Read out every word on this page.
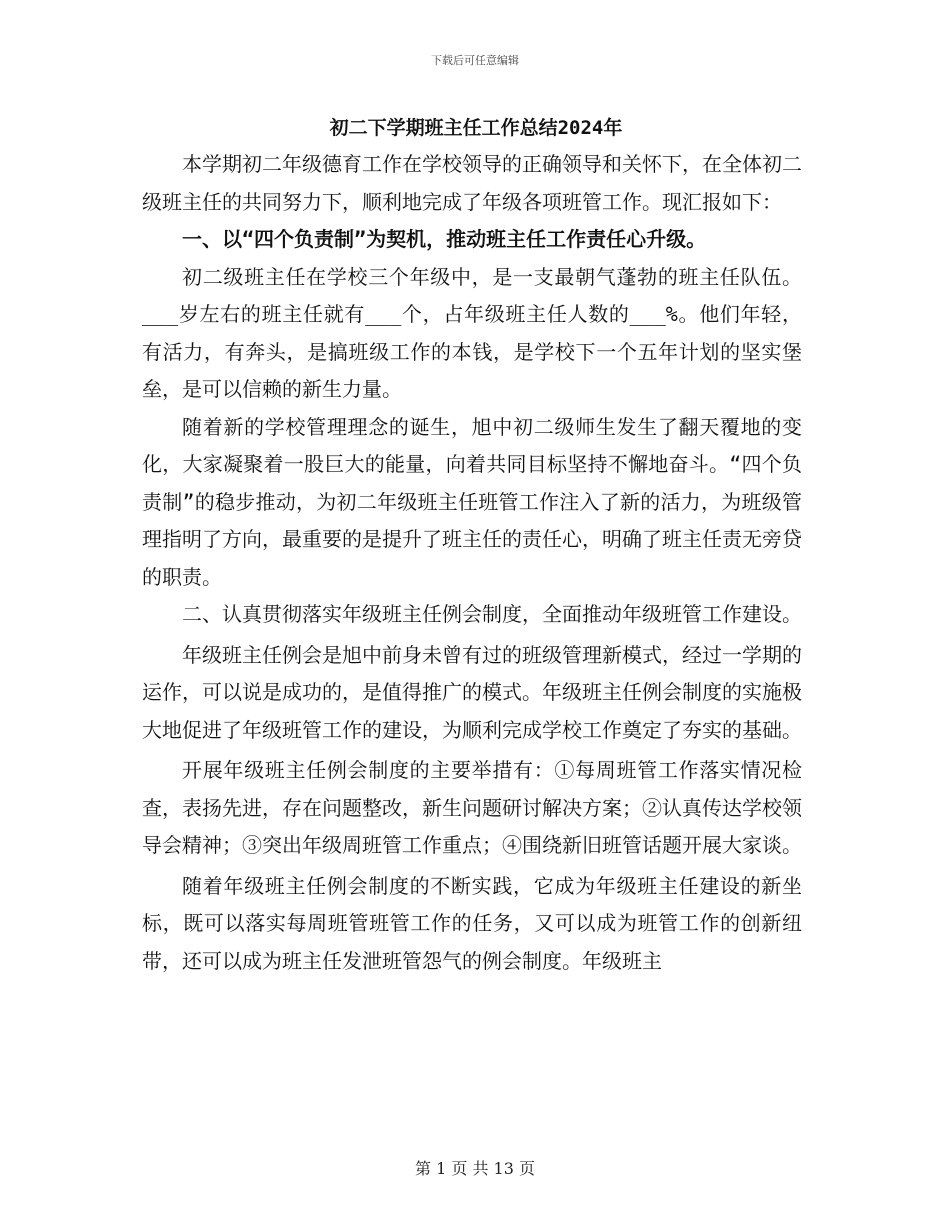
下载后可任意编辑

初二下学期班主任工作总结2024年

本学期初二年级德育工作在学校领导的正确领导和关怀下，在全体初二级班主任的共同努力下，顺利地完成了年级各项班管工作。现汇报如下：

一、以“四个负责制”为契机，推动班主任工作责任心升级。

初二级班主任在学校三个年级中，是一支最朝气蓬勃的班主任队伍。___岁左右的班主任就有___个，占年级班主任人数的___%。他们年轻，有活力，有奔头，是搞班级工作的本钱，是学校下一个五年计划的坚实堡垒，是可以信赖的新生力量。

随着新的学校管理理念的诞生，旭中初二级师生发生了翻天覆地的变化，大家凝聚着一股巨大的能量，向着共同目标坚持不懈地奋斗。“四个负责制”的稳步推动，为初二年级班主任班管工作注入了新的活力，为班级管理指明了方向，最重要的是提升了班主任的责任心，明确了班主任责无旁贷的职责。

二、认真贯彻落实年级班主任例会制度，全面推动年级班管工作建设。

年级班主任例会是旭中前身未曾有过的班级管理新模式，经过一学期的运作，可以说是成功的，是值得推广的模式。年级班主任例会制度的实施极大地促进了年级班管工作的建设，为顺利完成学校工作奠定了夯实的基础。

开展年级班主任例会制度的主要举措有：①每周班管工作落实情况检查，表扬先进，存在问题整改，新生问题研讨解决方案；②认真传达学校领导会精神；③突出年级周班管工作重点；④围绕新旧班管话题开展大家谈。

随着年级班主任例会制度的不断实践，它成为年级班主任建设的新坐标，既可以落实每周班管班管工作的任务，又可以成为班管工作的创新纽带，还可以成为班主任发泄班管怨气的例会制度。年级班主

第 1 页 共 13 页
